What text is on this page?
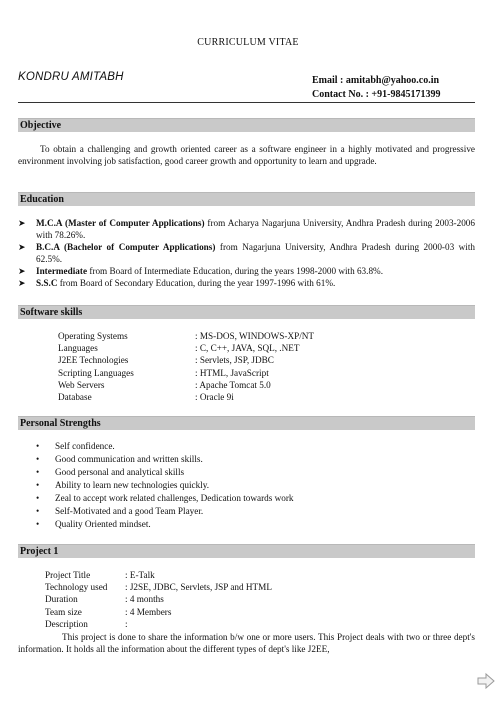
CURRICULUM VITAE
KONDRU AMITABH	Email : amitabh@yahoo.co.in
Contact No. : +91-9845171399
Objective
To obtain a challenging and growth oriented career as a software engineer in a highly motivated and progressive environment involving job satisfaction, good career growth and opportunity to learn and upgrade.
Education
➤ M.C.A (Master of Computer Applications) from Acharya Nagarjuna University, Andhra Pradesh during 2003-2006 with 78.26%.
➤ B.C.A (Bachelor of Computer Applications) from Nagarjuna University, Andhra Pradesh during 2000-03 with 62.5%.
➤ Intermediate from Board of Intermediate Education, during the years 1998-2000 with 63.8%.
➤ S.S.C from Board of Secondary Education, during the year 1997-1996 with 61%.
Software skills
Operating Systems	: MS-DOS, WINDOWS-XP/NT
Languages	: C, C++, JAVA, SQL, .NET
J2EE Technologies	: Servlets, JSP, JDBC
Scripting Languages	: HTML, JavaScript
Web Servers	: Apache Tomcat 5.0
Database	: Oracle 9i
Personal Strengths
• Self confidence.
• Good communication and written skills.
• Good personal and analytical skills
• Ability to learn new technologies quickly.
• Zeal to accept work related challenges, Dedication towards work
• Self-Motivated and a good Team Player.
• Quality Oriented mindset.
Project 1
Project Title	: E-Talk
Technology used	: J2SE, JDBC, Servlets, JSP and HTML
Duration	: 4 months
Team size	: 4 Members
Description	:
This project is done to share the information b/w one or more users. This Project deals with two or three dept's information. It holds all the information about the different types of dept's like J2EE,
